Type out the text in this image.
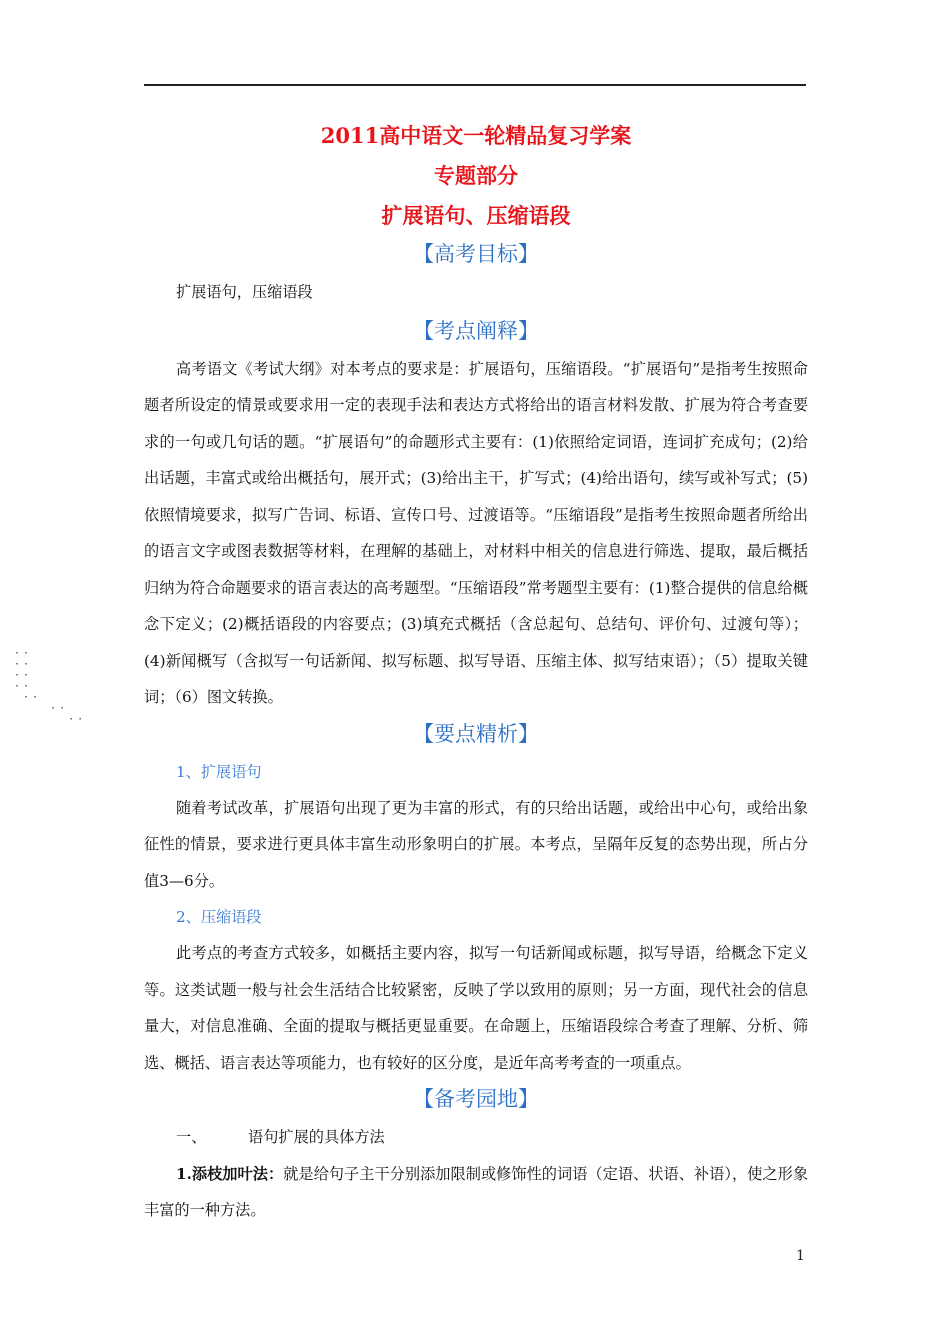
··
··
··
··
··
··
··
2011高中语文一轮精品复习学案
专题部分
扩展语句、压缩语段
【高考目标】

扩展语句，压缩语段

【考点阐释】

高考语文《考试大纲》对本考点的要求是：扩展语句，压缩语段。“扩展语句”是指考生按照命题者所设定的情景或要求用一定的表现手法和表达方式将给出的语言材料发散、扩展为符合考查要求的一句或几句话的题。“扩展语句”的命题形式主要有：(1)依照给定词语，连词扩充成句；(2)给出话题，丰富式或给出概括句，展开式；(3)给出主干，扩写式；(4)给出语句，续写或补写式；(5)依照情境要求，拟写广告词、标语、宣传口号、过渡语等。“压缩语段”是指考生按照命题者所给出的语言文字或图表数据等材料，在理解的基础上，对材料中相关的信息进行筛选、提取，最后概括归纳为符合命题要求的语言表达的高考题型。“压缩语段”常考题型主要有：(1)整合提供的信息给概念下定义；(2)概括语段的内容要点；(3)填充式概括（含总起句、总结句、评价句、过渡句等）；(4)新闻概写（含拟写一句话新闻、拟写标题、拟写导语、压缩主体、拟写结束语）；（5）提取关键词；（6）图文转换。

【要点精析】
1、扩展语句

随着考试改革，扩展语句出现了更为丰富的形式，有的只给出话题，或给出中心句，或给出象征性的情景，要求进行更具体丰富生动形象明白的扩展。本考点，呈隔年反复的态势出现，所占分值3—6分。

2、压缩语段

此考点的考查方式较多，如概括主要内容，拟写一句话新闻或标题，拟写导语，给概念下定义等。这类试题一般与社会生活结合比较紧密，反映了学以致用的原则；另一方面，现代社会的信息量大，对信息准确、全面的提取与概括更显重要。在命题上，压缩语段综合考查了理解、分析、筛选、概括、语言表达等项能力，也有较好的区分度，是近年高考考查的一项重点。

【备考园地】

一、	语句扩展的具体方法

1.添枝加叶法：就是给句子主干分别添加限制或修饰性的词语（定语、状语、补语），使之形象丰富的一种方法。

1
